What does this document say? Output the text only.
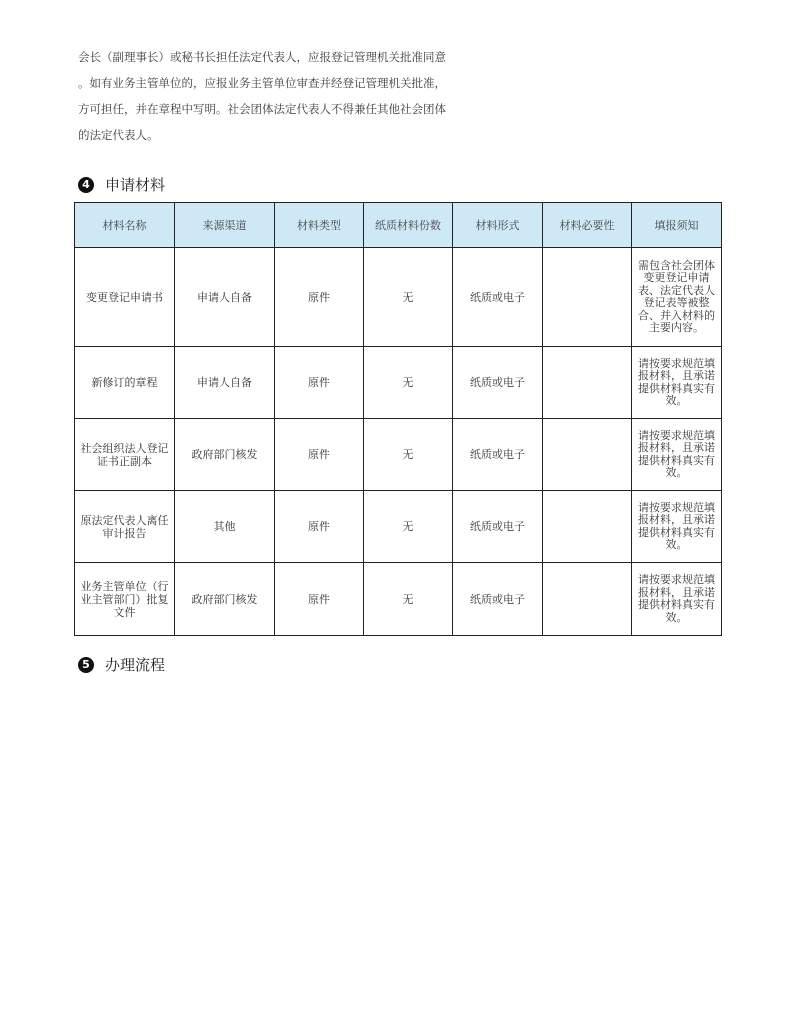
会长（副理事长）或秘书长担任法定代表人，应报登记管理机关批准同意

。如有业务主管单位的，应报业务主管单位审查并经登记管理机关批准，

方可担任，并在章程中写明。社会团体法定代表人不得兼任其他社会团体

的法定代表人。

4 申请材料
材料名称	来源渠道	材料类型	纸质材料份数	材料形式	材料必要性	填报须知
变更登记申请书	申请人自备	原件	无	纸质或电子		需包含社会团体变更登记申请表、法定代表人登记表等被整合、并入材料的主要内容。
新修订的章程	申请人自备	原件	无	纸质或电子		请按要求规范填报材料，且承诺提供材料真实有效。
社会组织法人登记证书正副本	政府部门核发	原件	无	纸质或电子		请按要求规范填报材料，且承诺提供材料真实有效。
原法定代表人离任审计报告	其他	原件	无	纸质或电子		请按要求规范填报材料，且承诺提供材料真实有效。
业务主管单位（行业主管部门）批复文件	政府部门核发	原件	无	纸质或电子		请按要求规范填报材料，且承诺提供材料真实有效。
5 办理流程
